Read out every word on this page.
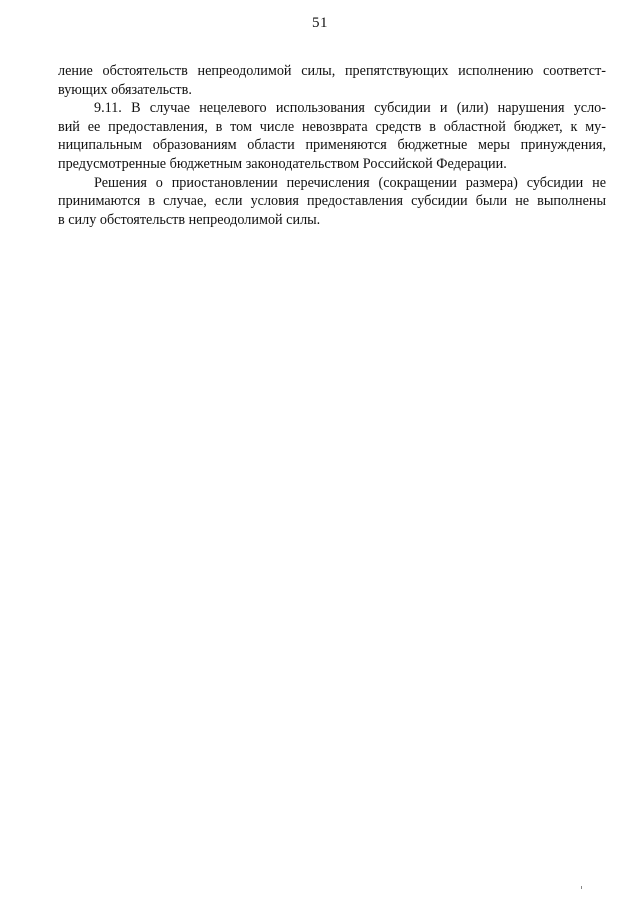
51
ление обстоятельств непреодолимой силы, препятствующих исполнению соответст-
вующих обязательств.
9.11. В случае нецелевого использования субсидии и (или) нарушения усло-
вий ее предоставления, в том числе невозврата средств в областной бюджет, к му-
ниципальным образованиям области применяются бюджетные меры принуждения,
предусмотренные бюджетным законодательством Российской Федерации.
Решения о приостановлении перечисления (сокращении размера) субсидии не
принимаются в случае, если условия предоставления субсидии были не выполнены
в силу обстоятельств непреодолимой силы.
